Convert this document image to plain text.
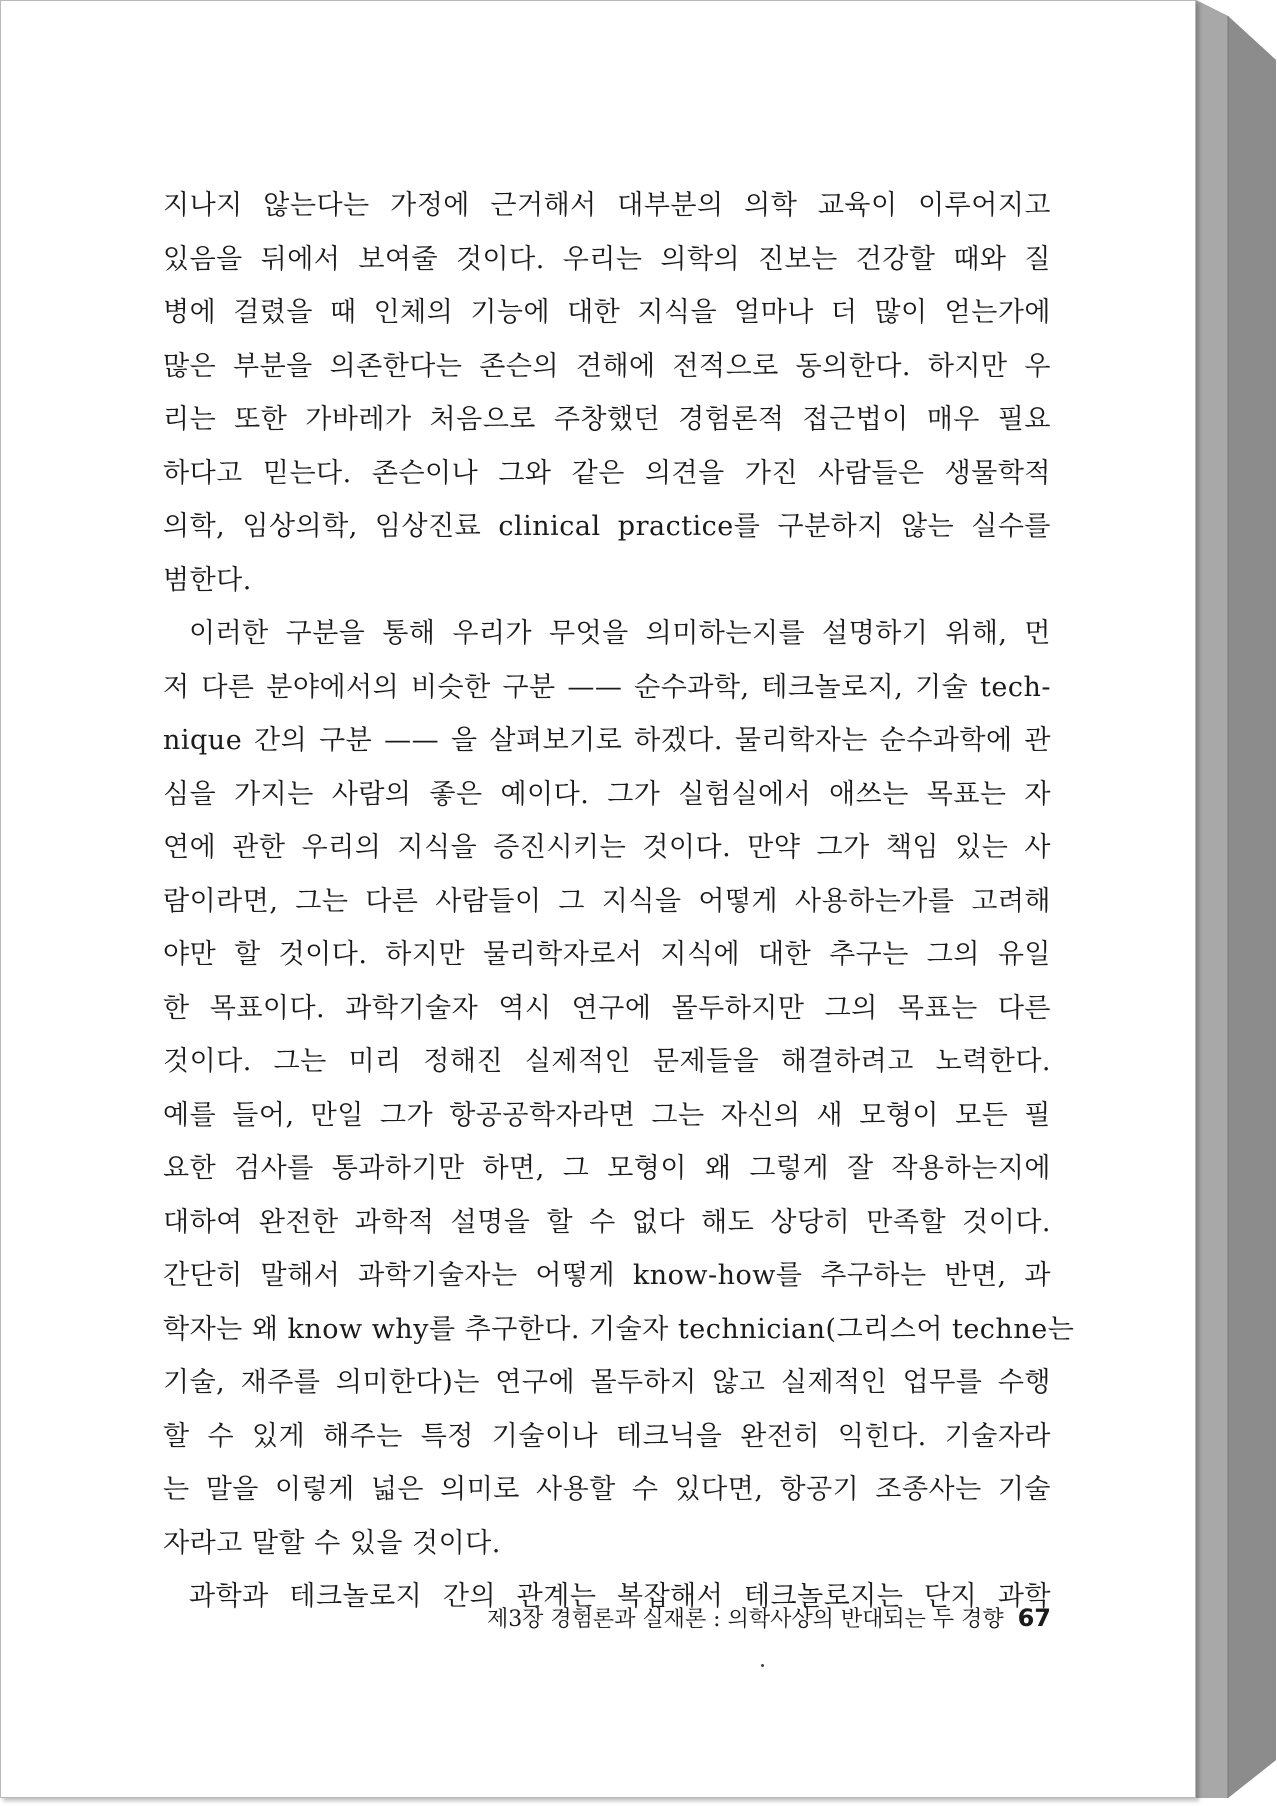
지나지 않는다는 가정에 근거해서 대부분의 의학 교육이 이루어지고
있음을 뒤에서 보여줄 것이다. 우리는 의학의 진보는 건강할 때와 질
병에 걸렸을 때 인체의 기능에 대한 지식을 얼마나 더 많이 얻는가에
많은 부분을 의존한다는 존슨의 견해에 전적으로 동의한다. 하지만 우
리는 또한 가바레가 처음으로 주창했던 경험론적 접근법이 매우 필요
하다고 믿는다. 존슨이나 그와 같은 의견을 가진 사람들은 생물학적
의학, 임상의학, 임상진료 clinical practice를 구분하지 않는 실수를
범한다.
이러한 구분을 통해 우리가 무엇을 의미하는지를 설명하기 위해, 먼
저 다른 분야에서의 비슷한 구분 —— 순수과학, 테크놀로지, 기술 tech-
nique 간의 구분 —— 을 살펴보기로 하겠다. 물리학자는 순수과학에 관
심을 가지는 사람의 좋은 예이다. 그가 실험실에서 애쓰는 목표는 자
연에 관한 우리의 지식을 증진시키는 것이다. 만약 그가 책임 있는 사
람이라면, 그는 다른 사람들이 그 지식을 어떻게 사용하는가를 고려해
야만 할 것이다. 하지만 물리학자로서 지식에 대한 추구는 그의 유일
한 목표이다. 과학기술자 역시 연구에 몰두하지만 그의 목표는 다른
것이다. 그는 미리 정해진 실제적인 문제들을 해결하려고 노력한다.
예를 들어, 만일 그가 항공공학자라면 그는 자신의 새 모형이 모든 필
요한 검사를 통과하기만 하면, 그 모형이 왜 그렇게 잘 작용하는지에
대하여 완전한 과학적 설명을 할 수 없다 해도 상당히 만족할 것이다.
간단히 말해서 과학기술자는 어떻게 know-how를 추구하는 반면, 과
학자는 왜 know why를 추구한다. 기술자 technician(그리스어 techne는
기술, 재주를 의미한다)는 연구에 몰두하지 않고 실제적인 업무를 수행
할 수 있게 해주는 특정 기술이나 테크닉을 완전히 익힌다. 기술자라
는 말을 이렇게 넓은 의미로 사용할 수 있다면, 항공기 조종사는 기술
자라고 말할 수 있을 것이다.
과학과 테크놀로지 간의 관계는 복잡해서 테크놀로지는 단지 과학
제3장 경험론과 실재론 : 의학사상의 반대되는 두 경향 67
